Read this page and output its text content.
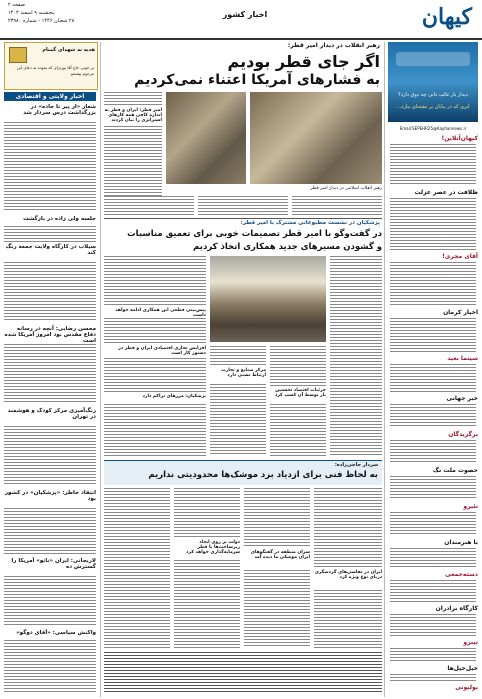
کیهان
اخبار کشور
صفحه ۲
پنجشنبه ۹ اسفند ۱۴۰۳
۲۸ شعبان ۱۴۴۶ - شماره ۲۳۹۸۰
دیدار یار غائب دانی چه ذوق دارد؟
ابری که در بیابان بر تشنه‌ای ببارد...
Email:SEPEHR25@Kayhannews.ir
کیهان‌آنلاین!
ظلافت در عصر عزلت
آقای مجری!
اخیار کرمان
سینما بعید
خبر جهانی
برگزیدگان
حصوت ملت تگ
تئیرو
با هنرمندان
دسته‌جمعی
کارگاه برادران
تیترو
خیل‌خیل‌ها
بولیونی
هدیه به شهدای گمنام
بر خوبی حاج آقا نوری‌ای که نموده به دعای این مرحوم پیشخو
اخبار ولایتی و اقتصادی
شعار «از پیر تا جاده» در بزرگداشت درس سردار شد
جلسه ولی زاده در بازگشت
سیلاب در کارگاه ولایت جمعه رنگ کند
محسن رضایی: آنچه در رسانه دفاع مقدس بود امروز آمریکا شده است
رنگ‌آمیزی مرکز کودک و هوشمند در تهران
انتقاد خاطر: «پزشکیان» در کشور بود
لاریجانی: ایران «ناتو» آمریکا را گسترش ده
واکنش سیاسی: «آقای دوگو»
رهبر انقلاب در دیدار امیر قطر:
اگر جای قطر بودیم
به فشارهای آمریکا اعتناء نمی‌کردیم
رهبر انقلاب اسلامی در دیدار امیر قطر
امیر قطر: ایران و قطر به اندازه کافی همه کارهای استراتژی را بیان کردند
پزشکیان در نشست مطبوعاتی مشترک با امیر قطر:
در گفت‌وگو با امیر قطر تصمیمات خوبی برای تعمیق مناسبات
و گشودن مسیرهای جدید همکاری اتخاذ کردیم
پیش‌بینی قطعی این همکاری ادامه خواهد داشت
افزایش تجاری اقتصادی ایران و قطر در دستور کار است
پزشکیان: مرزهای تراکم دارد
مرکز صنایع و تجارت ارتباط نسبی دارد
جزئیات اقتصاد نخستین بار توسط آن کسب کرد
سردار حاجی‌زاده:
به لحاظ فنی برای ازدیاد برد موشک‌ها محدودیتی نداریم
دولت بر روی ایجاد زیرساخت‌ها با قطر سرمایه‌گذاری خواهد کرد	سران منطقه در گفتگوهای ایران موشکی ما دیده آمد
ایران در نقاشی‌های گردشگری دریای نوع ویژه کرد
